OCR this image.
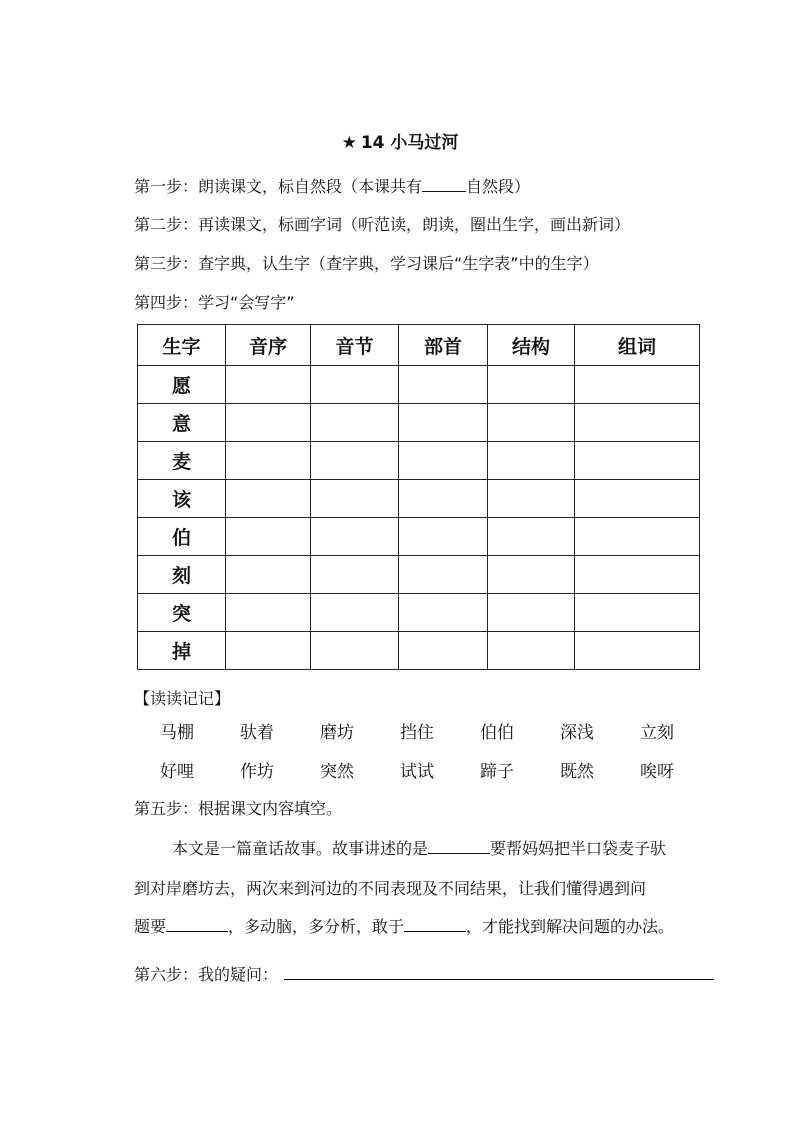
★ 14 小马过河
第一步：朗读课文，标自然段（本课共有	自然段）
第二步：再读课文，标画字词（听范读，朗读，圈出生字，画出新词）
第三步：查字典，认生字（查字典，学习课后“生字表”中的生字）
第四步：学习“会写字”
生字	音序	音节	部首	结构	组词
愿					
意					
麦					
该					
伯					
刻					
突					
掉					
【读读记记】
马棚	驮着	磨坊	挡住	伯伯	深浅	立刻
好哩	作坊	突然	试试	蹄子	既然	唉呀
第五步：根据课文内容填空。
本文是一篇童话故事。故事讲述的是	要帮妈妈把半口袋麦子驮
到对岸磨坊去，两次来到河边的不同表现及不同结果，让我们懂得遇到问
题要	，多动脑，多分析，敢于	，才能找到解决问题的办法。
第六步：我的疑问：
